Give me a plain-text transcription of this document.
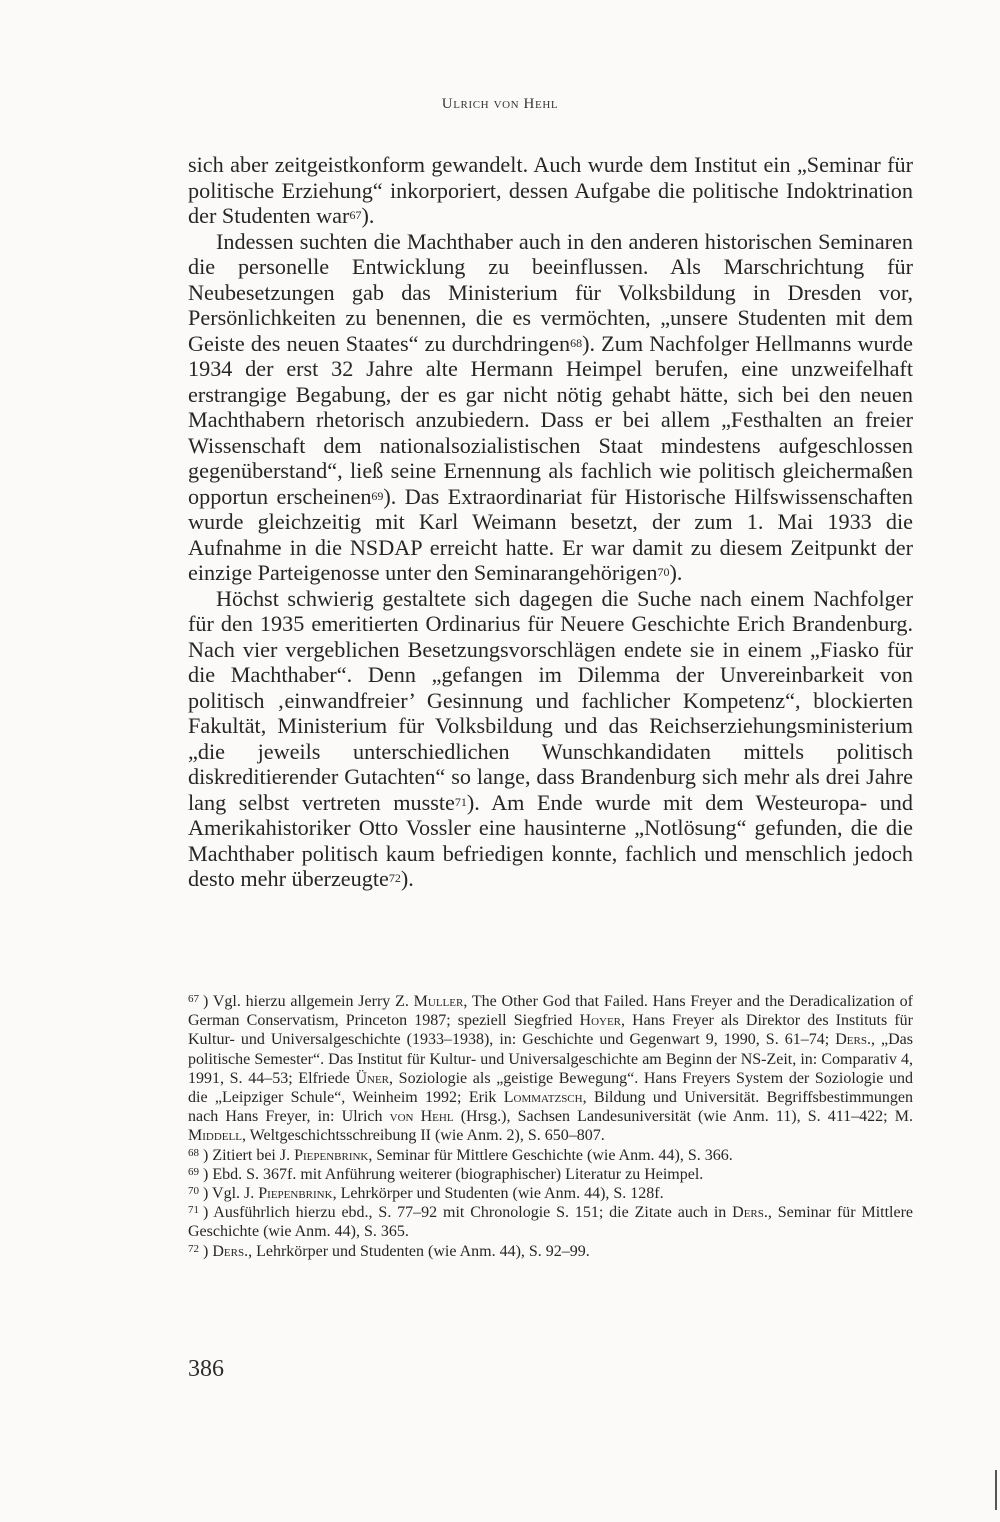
Ulrich von Hehl

sich aber zeitgeistkonform gewandelt. Auch wurde dem Institut ein „Seminar für politische Erziehung“ inkorporiert, dessen Aufgabe die politische Indoktrination der Studenten war$^{67}$).

Indessen suchten die Machthaber auch in den anderen historischen Seminaren die personelle Entwicklung zu beeinflussen. Als Marschrichtung für Neubesetzungen gab das Ministerium für Volksbildung in Dresden vor, Persönlichkeiten zu benennen, die es vermöchten, „unsere Studenten mit dem Geiste des neuen Staates“ zu durchdringen$^{68}$). Zum Nachfolger Hellmanns wurde 1934 der erst 32 Jahre alte Hermann Heimpel berufen, eine unzweifelhaft erstrangige Begabung, der es gar nicht nötig gehabt hätte, sich bei den neuen Machthabern rhetorisch anzubiedern. Dass er bei allem „Festhalten an freier Wissenschaft dem nationalsozialistischen Staat mindestens aufgeschlossen gegenüberstand“, ließ seine Ernennung als fachlich wie politisch gleichermaßen opportun erscheinen$^{69}$). Das Extraordinariat für Historische Hilfswissenschaften wurde gleichzeitig mit Karl Weimann besetzt, der zum 1. Mai 1933 die Aufnahme in die NSDAP erreicht hatte. Er war damit zu diesem Zeitpunkt der einzige Parteigenosse unter den Seminarangehörigen$^{70}$).

Höchst schwierig gestaltete sich dagegen die Suche nach einem Nachfolger für den 1935 emeritierten Ordinarius für Neuere Geschichte Erich Brandenburg. Nach vier vergeblichen Besetzungsvorschlägen endete sie in einem „Fiasko für die Machthaber“. Denn „gefangen im Dilemma der Unvereinbarkeit von politisch ‚einwandfreier’ Gesinnung und fachlicher Kompetenz“, blockierten Fakultät, Ministerium für Volksbildung und das Reichserziehungsministerium „die jeweils unterschiedlichen Wunschkandidaten mittels politisch diskreditierender Gutachten“ so lange, dass Brandenburg sich mehr als drei Jahre lang selbst vertreten musste$^{71}$). Am Ende wurde mit dem Westeuropa- und Amerikahistoriker Otto Vossler eine hausinterne „Notlösung“ gefunden, die die Machthaber politisch kaum befriedigen konnte, fachlich und menschlich jedoch desto mehr überzeugte$^{72}$).

$^{67}$ ) Vgl. hierzu allgemein Jerry Z. Muller, The Other God that Failed. Hans Freyer and the Deradicalization of German Conservatism, Princeton 1987; speziell Siegfried Hoyer, Hans Freyer als Direktor des Instituts für Kultur- und Universalgeschichte (1933–1938), in: Geschichte und Gegenwart 9, 1990, S. 61–74; Ders., „Das politische Semester“. Das Institut für Kultur- und Universalgeschichte am Beginn der NS-Zeit, in: Comparativ 4, 1991, S. 44–53; Elfriede Üner, Soziologie als „geistige Bewegung“. Hans Freyers System der Soziologie und die „Leipziger Schule“, Weinheim 1992; Erik Lommatzsch, Bildung und Universität. Begriffsbestimmungen nach Hans Freyer, in: Ulrich von Hehl (Hrsg.), Sachsen Landesuniversität (wie Anm. 11), S. 411–422; M. Middell, Weltgeschichtsschreibung II (wie Anm. 2), S. 650–807.

$^{68}$ ) Zitiert bei J. Piepenbrink, Seminar für Mittlere Geschichte (wie Anm. 44), S. 366.

$^{69}$ ) Ebd. S. 367f. mit Anführung weiterer (biographischer) Literatur zu Heimpel.

$^{70}$ ) Vgl. J. Piepenbrink, Lehrkörper und Studenten (wie Anm. 44), S. 128f.

$^{71}$ ) Ausführlich hierzu ebd., S. 77–92 mit Chronologie S. 151; die Zitate auch in Ders., Seminar für Mittlere Geschichte (wie Anm. 44), S. 365.

$^{72}$ ) Ders., Lehrkörper und Studenten (wie Anm. 44), S. 92–99.

386
